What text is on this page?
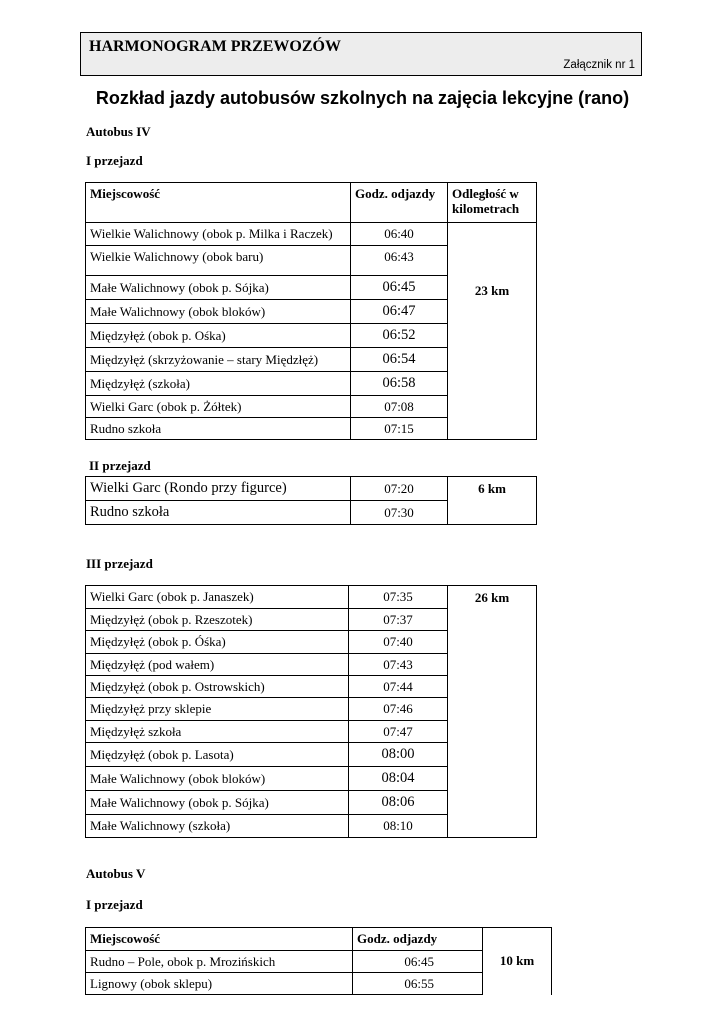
HARMONOGRAM PRZEWOZÓW
Załącznik nr 1
Rozkład jazdy autobusów szkolnych na zajęcia lekcyjne (rano)
Autobus IV
I przejazd
Miejscowość	Godz. odjazdy	Odległość w kilometrach
Wielkie Walichnowy (obok p. Milka i Raczek)	06:40	23 km
Wielkie Walichnowy (obok baru)	06:43	
Małe Walichnowy (obok p. Sójka)	06:45	
Małe Walichnowy (obok bloków)	06:47	
Międzyłęż (obok p. Ośka)	06:52	
Międzyłęż (skrzyżowanie – stary Międzłęż)	06:54	
Międzyłęż (szkoła)	06:58	
Wielki Garc (obok p. Żółtek)	07:08	
Rudno szkoła	07:15	
II przejazd
Wielki Garc (Rondo przy figurce)	07:20	6 km
Rudno szkoła	07:30	
III przejazd
Wielki Garc (obok p. Janaszek)	07:35	26 km
Międzyłęż (obok p. Rzeszotek)	07:37	
Międzyłęż (obok p. Óśka)	07:40	
Międzyłęż (pod wałem)	07:43	
Międzyłęż (obok p. Ostrowskich)	07:44	
Międzyłęż przy sklepie	07:46	
Międzyłęż szkoła	07:47	
Międzyłęż (obok p. Lasota)	08:00	
Małe Walichnowy (obok bloków)	08:04	
Małe Walichnowy (obok p. Sójka)	08:06	
Małe Walichnowy (szkoła)	08:10	
Autobus V
I przejazd
Miejscowość	Godz. odjazdy	10 km
Rudno – Pole, obok p. Mrozińskich	06:45	
Lignowy (obok sklepu)	06:55	
